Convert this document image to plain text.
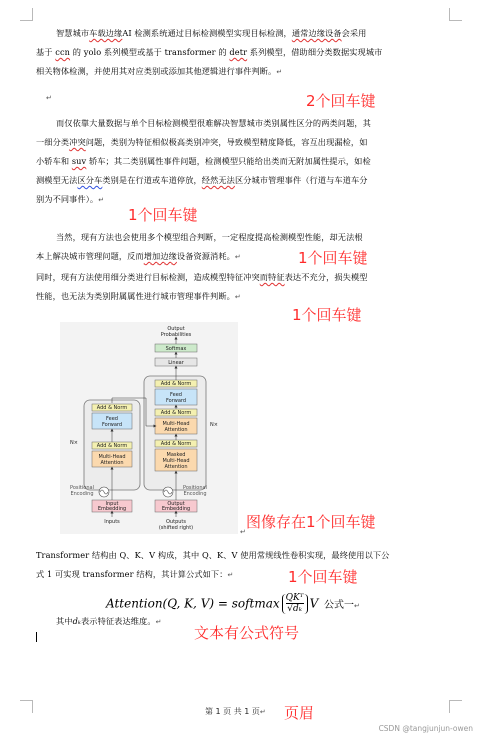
智慧城市车载边缘AI 检测系统通过目标检测模型实现目标检测，通常边缘设备会采用
基于 ccn 的 yolo 系列模型或基于 transformer 的 detr 系列模型，借助细分类数据实现城市
相关物体检测，并使用其对应类别或添加其他逻辑进行事件判断。↵
↵	2个回车键
而仅依靠大量数据与单个目标检测模型很难解决智慧城市类别属性区分的两类问题，其
一细分类冲突问题，类别为特征相似极高类别冲突，导致模型精度降低，容互出现漏检，如
小轿车和 suv 轿车；其二类别属性事件问题，检测模型只能给出类而无附加属性提示，如检
测模型无法区分车类别是在行道或车道停放，经然无法区分城市管理事件（行道与车道车分
别为不同事件）。↵
1个回车键
当然，现有方法也会使用多个模型组合判断，一定程度提高检测模型性能，却无法根
本上解决城市管理问题，反而增加边缘设备资源消耗。↵	1个回车键
同时，现有方法使用细分类进行目标检测，造成模型特征冲突而特征表达不充分，损失模型
性能，也无法为类别附属属性进行城市管理事件判断。↵
1个回车键
Add & Norm
Feed
Forward
Add & Norm
Multi-Head
Attention
Add & Norm
Feed
Forward
Add & Norm
Multi-Head
Attention
Add & Norm
Masked
Multi-Head
Attention
Linear
Softmax
Output
Probabilities
N×
N×
Positional
Encoding
Positional
Encoding
Input
Embedding
Output
Embedding
Inputs	Outputs
(shifted right)	↵
图像存在1个回车键
Transformer 结构由 Q、K、V 构成，其中 Q、K、V 使用常规线性卷积实现，最终使用以下公
式 1 可实现 transformer 结构，其计算公式如下：↵	1个回车键
Attention(Q, K, V) = softmax QKᵀ
√dₖ V 公式一↵
其中dₖ表示特征表达维度。↵
文本有公式符号
第 1 页 共 1 页↵ 页眉
CSDN @tangjunjun-owen
